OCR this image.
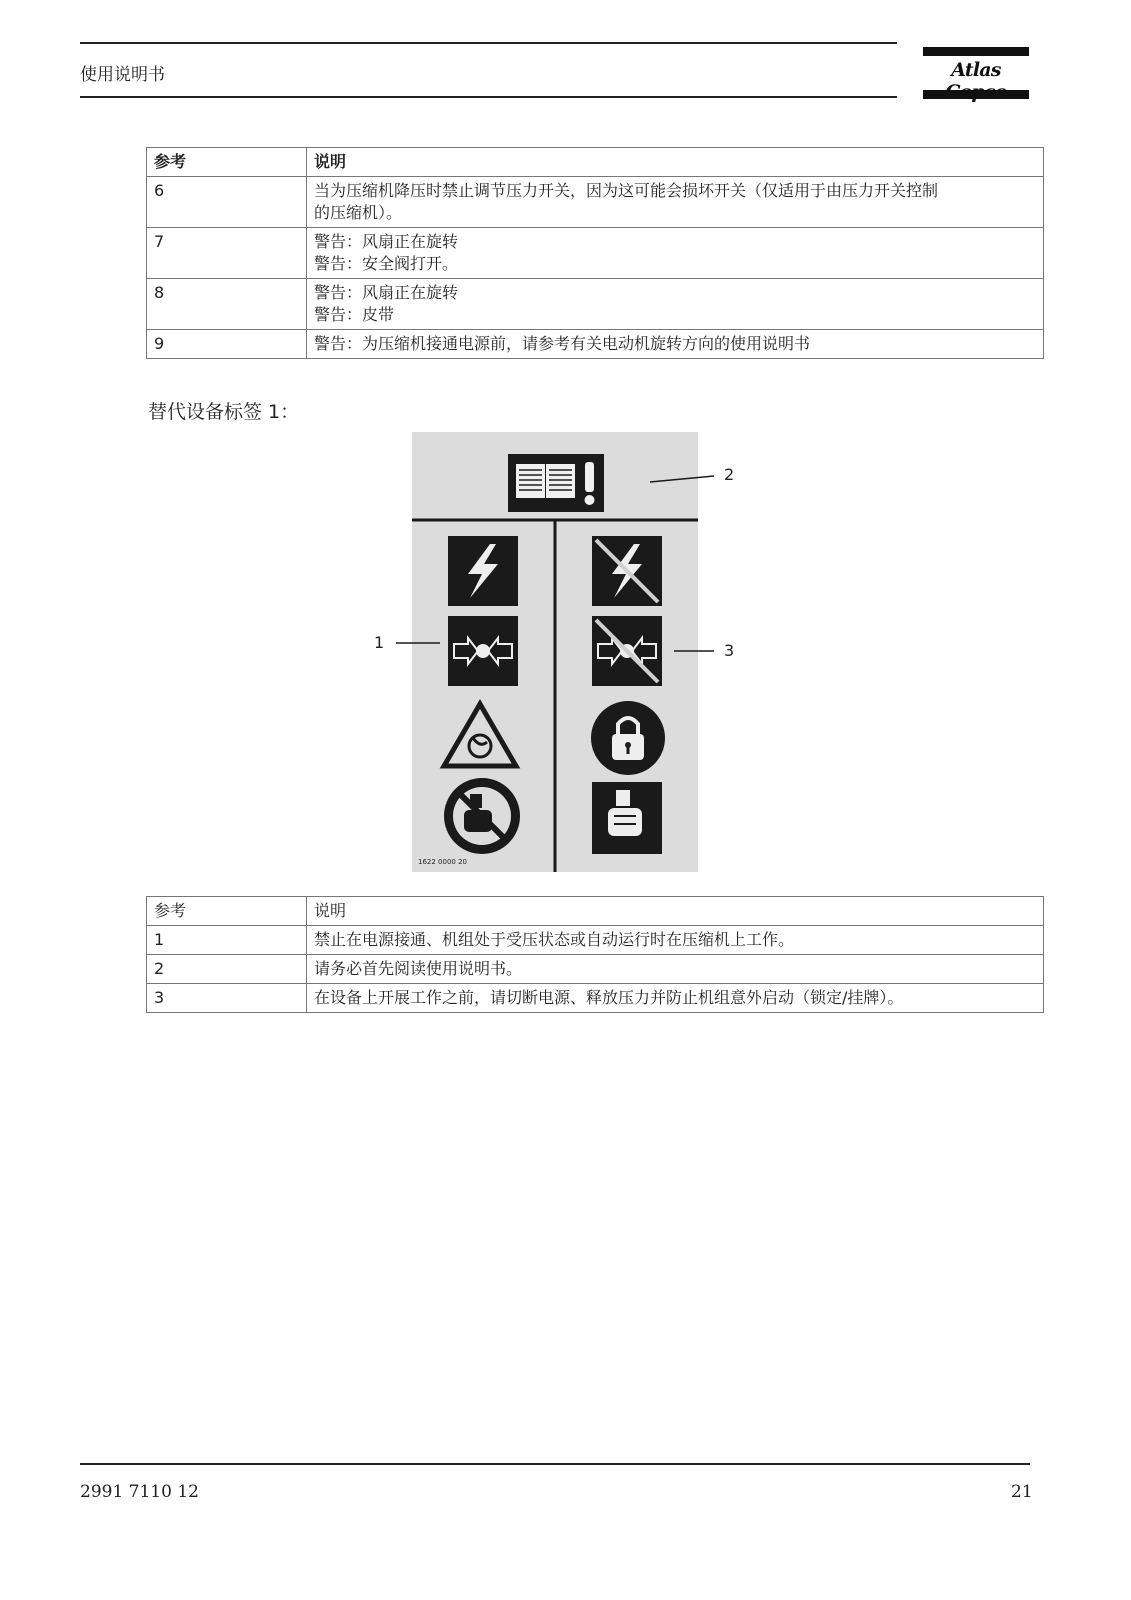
使用说明书	Atlas
参考	说明
6	当为压缩机降压时禁止调节压力开关，因为这可能会损坏开关（仅适用于由压力开关控制
的压缩机）。

7	警告：风扇正在旋转
警告：安全阀打开。

8	警告：风扇正在旋转
警告：皮带

9	警告：为压缩机接通电源前，请参考有关电动机旋转方向的使用说明书
替代设备标签 1：
1622 0000 20
1
2
3
参考	说明
1	禁止在电源接通、机组处于受压状态或自动运行时在压缩机上工作。
2	请务必首先阅读使用说明书。
3	在设备上开展工作之前，请切断电源、释放压力并防止机组意外启动（锁定/挂牌）。
2991 7110 12	21
